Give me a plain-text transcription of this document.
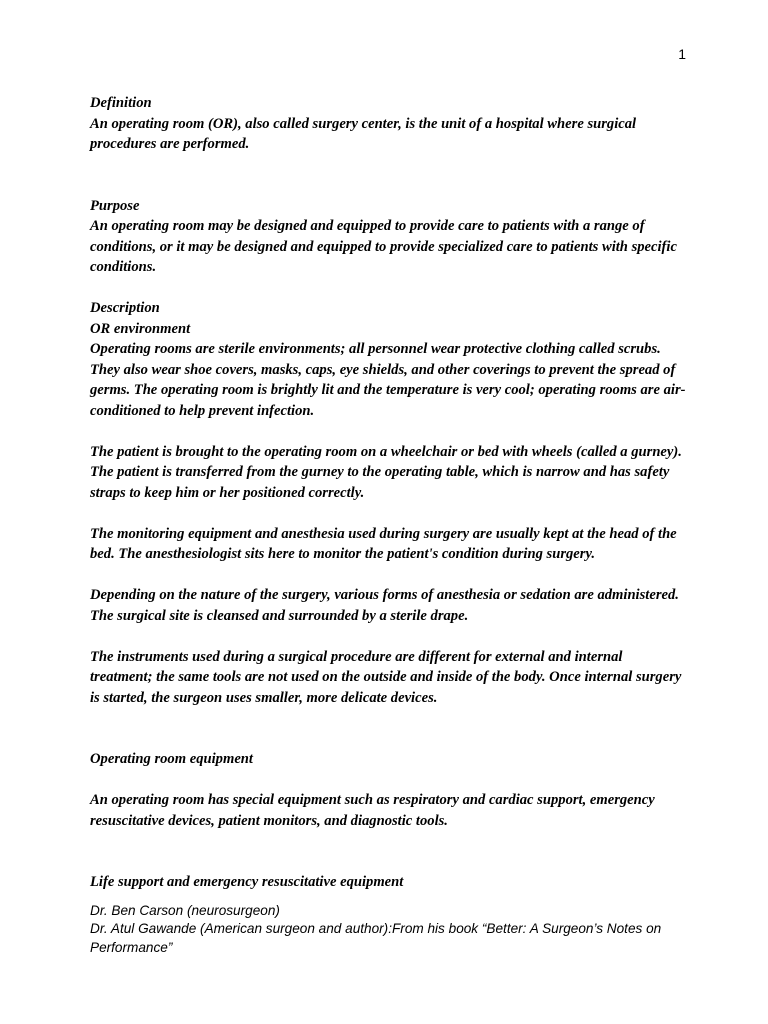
1

Definition

An operating room (OR), also called surgery center, is the unit of a hospital where surgical procedures are performed.

Purpose

An operating room may be designed and equipped to provide care to patients with a range of conditions, or it may be designed and equipped to provide specialized care to patients with specific conditions.

Description

OR environment

Operating rooms are sterile environments; all personnel wear protective clothing called scrubs. They also wear shoe covers, masks, caps, eye shields, and other coverings to prevent the spread of germs. The operating room is brightly lit and the temperature is very cool; operating rooms are air-conditioned to help prevent infection.

The patient is brought to the operating room on a wheelchair or bed with wheels (called a gurney). The patient is transferred from the gurney to the operating table, which is narrow and has safety straps to keep him or her positioned correctly.

The monitoring equipment and anesthesia used during surgery are usually kept at the head of the bed. The anesthesiologist sits here to monitor the patient's condition during surgery.

Depending on the nature of the surgery, various forms of anesthesia or sedation are administered. The surgical site is cleansed and surrounded by a sterile drape.

The instruments used during a surgical procedure are different for external and internal treatment; the same tools are not used on the outside and inside of the body. Once internal surgery is started, the surgeon uses smaller, more delicate devices.

Operating room equipment

An operating room has special equipment such as respiratory and cardiac support, emergency resuscitative devices, patient monitors, and diagnostic tools.

Life support and emergency resuscitative equipment

Dr. Ben Carson (neurosurgeon)

Dr. Atul Gawande (American surgeon and author):From his book “Better: A Surgeon’s Notes on Performance”
